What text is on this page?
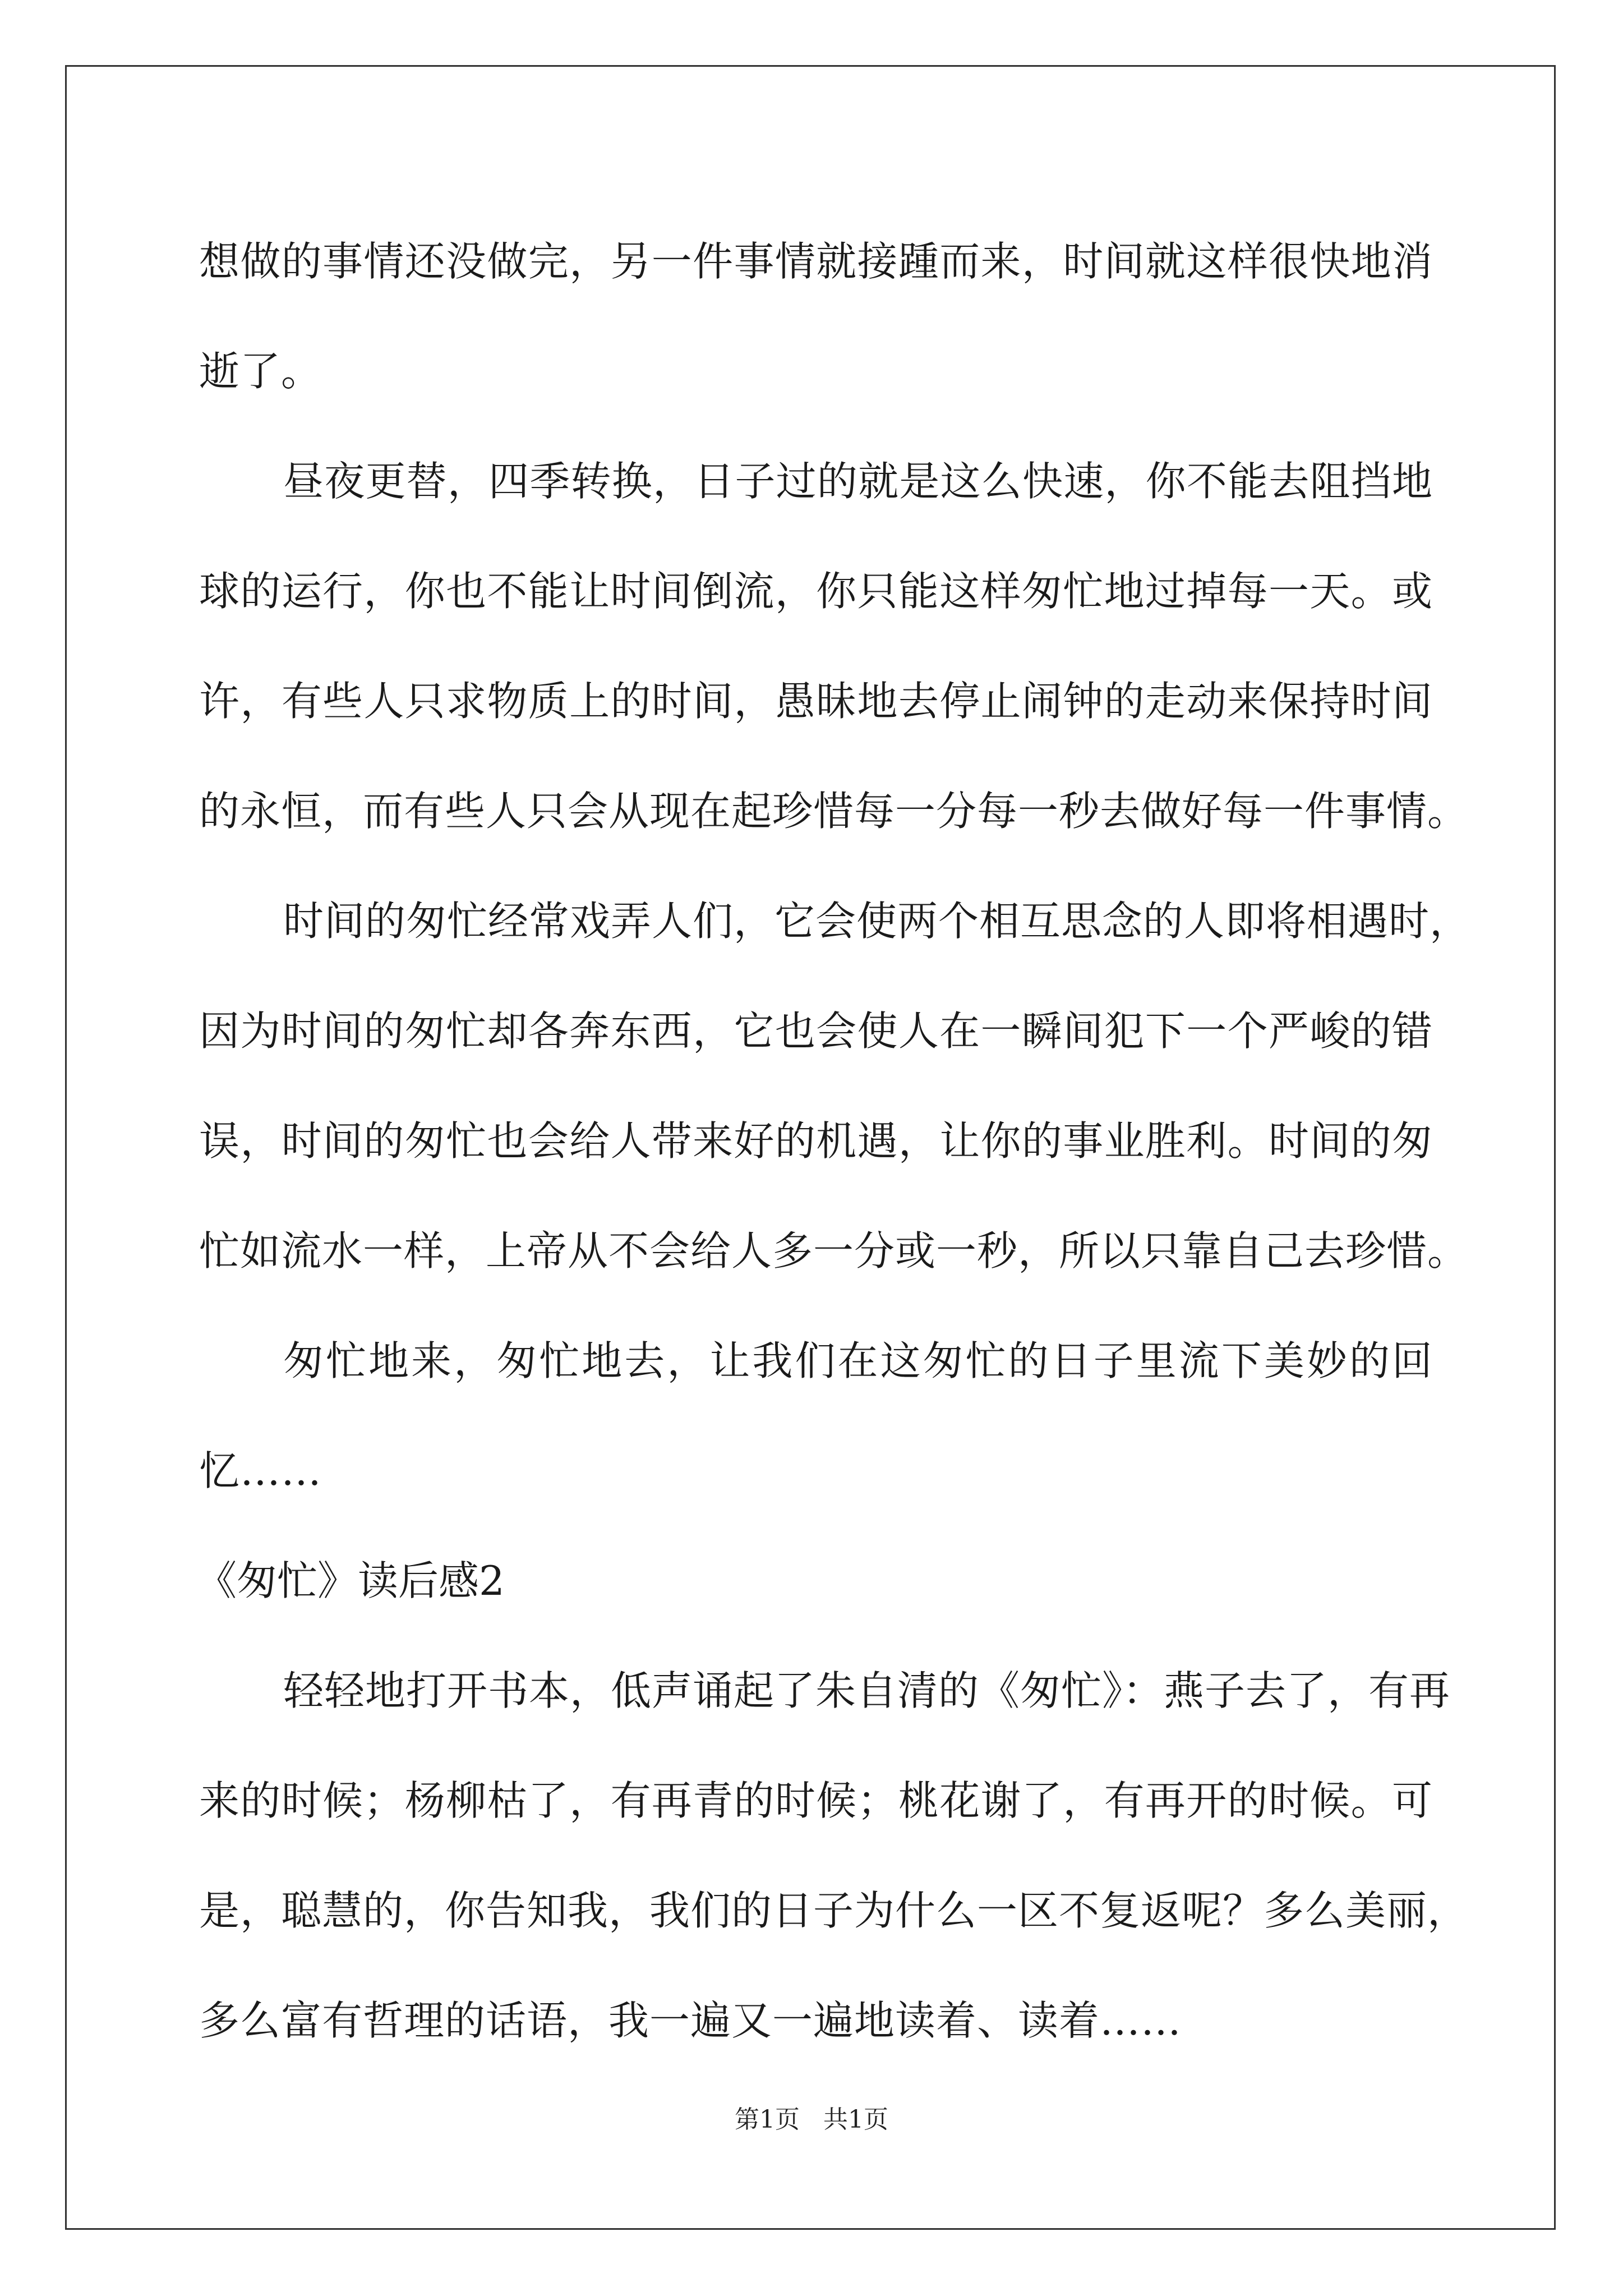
想做的事情还没做完，另一件事情就接踵而来，时间就这样很快地消
逝了。
昼夜更替，四季转换，日子过的就是这么快速，你不能去阻挡地
球的运行，你也不能让时间倒流，你只能这样匆忙地过掉每一天。或
许，有些人只求物质上的时间，愚昧地去停止闹钟的走动来保持时间
的永恒，而有些人只会从现在起珍惜每一分每一秒去做好每一件事情。
时间的匆忙经常戏弄人们，它会使两个相互思念的人即将相遇时，
因为时间的匆忙却各奔东西，它也会使人在一瞬间犯下一个严峻的错
误，时间的匆忙也会给人带来好的机遇，让你的事业胜利。时间的匆
忙如流水一样，上帝从不会给人多一分或一秒，所以只靠自己去珍惜。
匆忙地来，匆忙地去，让我们在这匆忙的日子里流下美妙的回
忆……
《匆忙》读后感2
轻轻地打开书本，低声诵起了朱自清的《匆忙》：燕子去了，有再
来的时候；杨柳枯了，有再青的时候；桃花谢了，有再开的时候。可
是，聪慧的，你告知我，我们的日子为什么一区不复返呢？多么美丽，
多么富有哲理的话语，我一遍又一遍地读着、读着……
第1页   共1页
